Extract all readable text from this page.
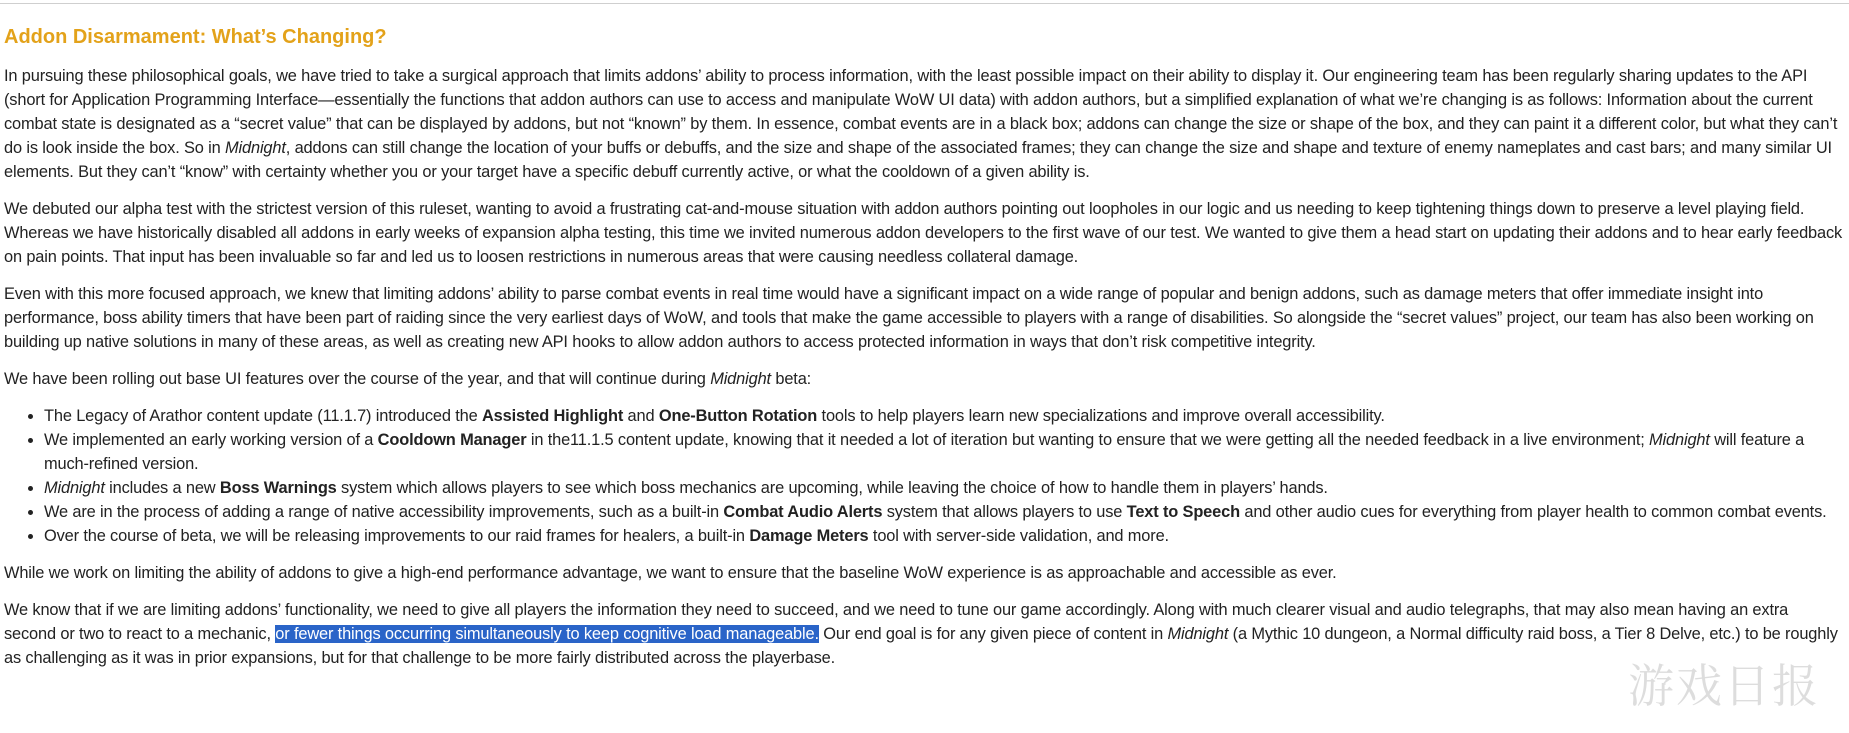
Addon Disarmament: What’s Changing?

In pursuing these philosophical goals, we have tried to take a surgical approach that limits addons’ ability to process information, with the least possible impact on their ability to display it. Our engineering team has been regularly sharing updates to the API (short for Application Programming Interface—essentially the functions that addon authors can use to access and manipulate WoW UI data) with addon authors, but a simplified explanation of what we’re changing is as follows: Information about the current combat state is designated as a “secret value” that can be displayed by addons, but not “known” by them. In essence, combat events are in a black box; addons can change the size or shape of the box, and they can paint it a different color, but what they can’t do is look inside the box. So in Midnight, addons can still change the location of your buffs or debuffs, and the size and shape of the associated frames; they can change the size and shape and texture of enemy nameplates and cast bars; and many similar UI elements. But they can’t “know” with certainty whether you or your target have a specific debuff currently active, or what the cooldown of a given ability is.

We debuted our alpha test with the strictest version of this ruleset, wanting to avoid a frustrating cat-and-mouse situation with addon authors pointing out loopholes in our logic and us needing to keep tightening things down to preserve a level playing field. Whereas we have historically disabled all addons in early weeks of expansion alpha testing, this time we invited numerous addon developers to the first wave of our test. We wanted to give them a head start on updating their addons and to hear early feedback on pain points. That input has been invaluable so far and led us to loosen restrictions in numerous areas that were causing needless collateral damage.

Even with this more focused approach, we knew that limiting addons’ ability to parse combat events in real time would have a significant impact on a wide range of popular and benign addons, such as damage meters that offer immediate insight into performance, boss ability timers that have been part of raiding since the very earliest days of WoW, and tools that make the game accessible to players with a range of disabilities. So alongside the “secret values” project, our team has also been working on building up native solutions in many of these areas, as well as creating new API hooks to allow addon authors to access protected information in ways that don’t risk competitive integrity.

We have been rolling out base UI features over the course of the year, and that will continue during Midnight beta:

• The Legacy of Arathor content update (11.1.7) introduced the Assisted Highlight and One-Button Rotation tools to help players learn new specializations and improve overall accessibility.
• We implemented an early working version of a Cooldown Manager in the11.1.5 content update, knowing that it needed a lot of iteration but wanting to ensure that we were getting all the needed feedback in a live environment; Midnight will feature a much-refined version.
• Midnight includes a new Boss Warnings system which allows players to see which boss mechanics are upcoming, while leaving the choice of how to handle them in players’ hands.
• We are in the process of adding a range of native accessibility improvements, such as a built-in Combat Audio Alerts system that allows players to use Text to Speech and other audio cues for everything from player health to common combat events.
• Over the course of beta, we will be releasing improvements to our raid frames for healers, a built-in Damage Meters tool with server-side validation, and more.

While we work on limiting the ability of addons to give a high-end performance advantage, we want to ensure that the baseline WoW experience is as approachable and accessible as ever.

We know that if we are limiting addons’ functionality, we need to give all players the information they need to succeed, and we need to tune our game accordingly. Along with much clearer visual and audio telegraphs, that may also mean having an extra second or two to react to a mechanic, or fewer things occurring simultaneously to keep cognitive load manageable. Our end goal is for any given piece of content in Midnight (a Mythic 10 dungeon, a Normal difficulty raid boss, a Tier 8 Delve, etc.) to be roughly as challenging as it was in prior expansions, but for that challenge to be more fairly distributed across the playerbase.

游戏日报
